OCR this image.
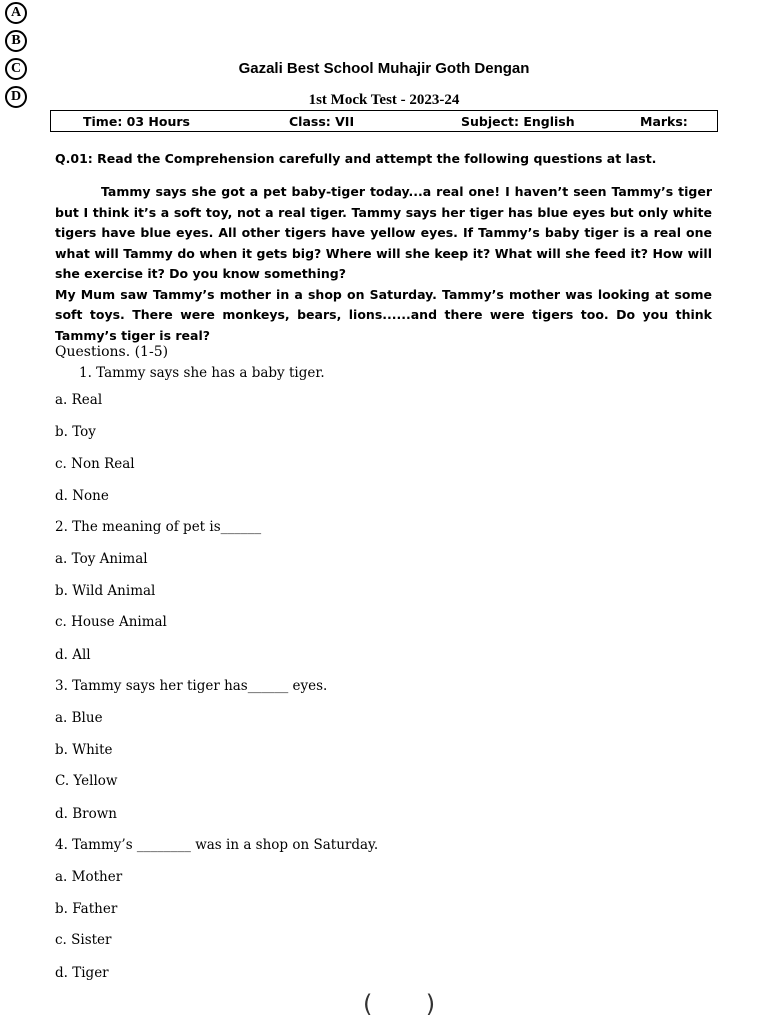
A
B
C
D
Gazali Best School Muhajir Goth Dengan
1st Mock Test - 2023-24
Time: 03 Hours	Class: VII	Subject: English	Marks:
Q.01: Read the Comprehension carefully and attempt the following questions at last.

Tammy says she got a pet baby-tiger today...a real one! I haven’t seen Tammy’s tiger but I think it’s a soft toy, not a real tiger. Tammy says her tiger has blue eyes but only white tigers have blue eyes. All other tigers have yellow eyes. If Tammy’s baby tiger is a real one what will Tammy do when it gets big? Where will she keep it? What will she feed it? How will she exercise it? Do you know something?

My Mum saw Tammy’s mother in a shop on Saturday. Tammy’s mother was looking at some soft toys. There were monkeys, bears, lions......and there were tigers too. Do you think Tammy’s tiger is real?

Questions. (1-5)
1. Tammy says she has a baby tiger.
a. Real
b. Toy
c. Non Real
d. None
2. The meaning of pet is______
a. Toy Animal
b. Wild Animal
c. House Animal
d. All
3. Tammy says her tiger has______ eyes.
a. Blue
b. White
C. Yellow
d. Brown
4. Tammy’s ________ was in a shop on Saturday.
a. Mother
b. Father
c. Sister
d. Tiger
(       )
